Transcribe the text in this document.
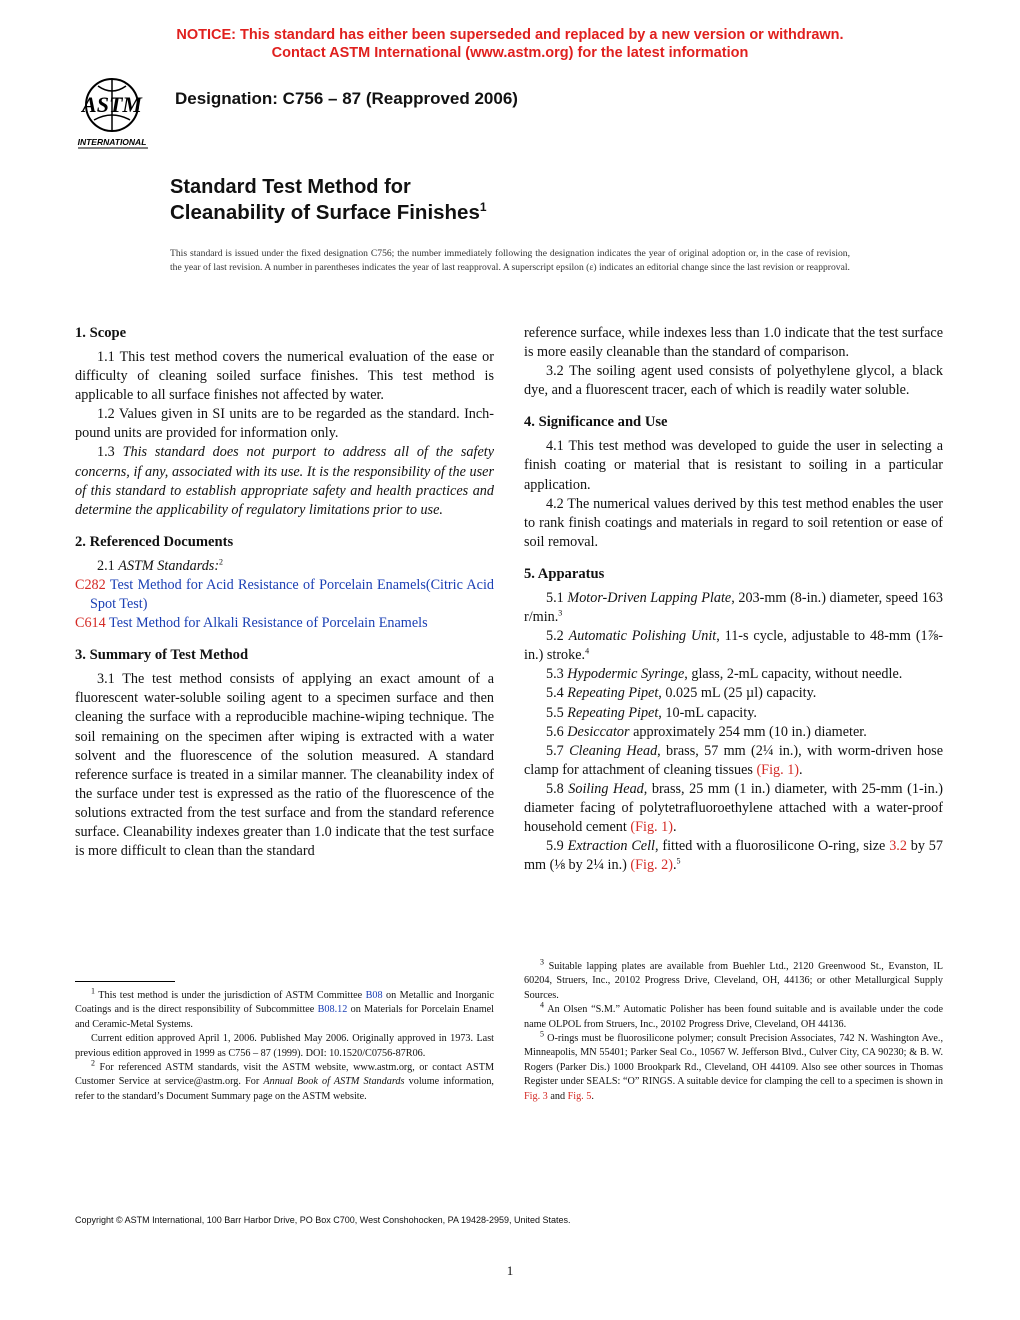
NOTICE: This standard has either been superseded and replaced by a new version or withdrawn.
Contact ASTM International (www.astm.org) for the latest information
ASTM
INTERNATIONAL
Designation: C756 – 87 (Reapproved 2006)
Standard Test Method for
Cleanability of Surface Finishes$^1$
This standard is issued under the fixed designation C756; the number immediately following the designation indicates the year of original adoption or, in the case of revision, the year of last revision. A number in parentheses indicates the year of last reapproval. A superscript epsilon (ε) indicates an editorial change since the last revision or reapproval.
1. Scope

1.1 This test method covers the numerical evaluation of the ease or difficulty of cleaning soiled surface finishes. This test method is applicable to all surface finishes not affected by water.

1.2 Values given in SI units are to be regarded as the standard. Inch-pound units are provided for information only.

1.3 This standard does not purport to address all of the safety concerns, if any, associated with its use. It is the responsibility of the user of this standard to establish appropriate safety and health practices and determine the applicability of regulatory limitations prior to use.

2. Referenced Documents

2.1 ASTM Standards:$^2$

C282 Test Method for Acid Resistance of Porcelain Enamels(Citric Acid Spot Test)
C614 Test Method for Alkali Resistance of Porcelain Enamels
3. Summary of Test Method

3.1 The test method consists of applying an exact amount of a fluorescent water-soluble soiling agent to a specimen surface and then cleaning the surface with a reproducible machine-wiping technique. The soil remaining on the specimen after wiping is extracted with a water solvent and the fluorescence of the solution measured. A standard reference surface is treated in a similar manner. The cleanability index of the surface under test is expressed as the ratio of the fluorescence of the solutions extracted from the test surface and from the standard reference surface. Cleanability indexes greater than 1.0 indicate that the test surface is more difficult to clean than the standard

$^1$ This test method is under the jurisdiction of ASTM Committee B08 on Metallic and Inorganic Coatings and is the direct responsibility of Subcommittee B08.12 on Materials for Porcelain Enamel and Ceramic-Metal Systems.

Current edition approved April 1, 2006. Published May 2006. Originally approved in 1973. Last previous edition approved in 1999 as C756 – 87 (1999). DOI: 10.1520/C0756-87R06.

$^2$ For referenced ASTM standards, visit the ASTM website, www.astm.org, or contact ASTM Customer Service at service@astm.org. For Annual Book of ASTM Standards volume information, refer to the standard’s Document Summary page on the ASTM website.

reference surface, while indexes less than 1.0 indicate that the test surface is more easily cleanable than the standard of comparison.

3.2 The soiling agent used consists of polyethylene glycol, a black dye, and a fluorescent tracer, each of which is readily water soluble.

4. Significance and Use

4.1 This test method was developed to guide the user in selecting a finish coating or material that is resistant to soiling in a particular application.

4.2 The numerical values derived by this test method enables the user to rank finish coatings and materials in regard to soil retention or ease of soil removal.

5. Apparatus

5.1 Motor-Driven Lapping Plate, 203-mm (8-in.) diameter, speed 163 r/min.$^3$

5.2 Automatic Polishing Unit, 11-s cycle, adjustable to 48-mm (1⅞-in.) stroke.$^4$

5.3 Hypodermic Syringe, glass, 2-mL capacity, without needle.

5.4 Repeating Pipet, 0.025 mL (25 µl) capacity.

5.5 Repeating Pipet, 10-mL capacity.

5.6 Desiccator approximately 254 mm (10 in.) diameter.

5.7 Cleaning Head, brass, 57 mm (2¼ in.), with worm-driven hose clamp for attachment of cleaning tissues (Fig. 1).

5.8 Soiling Head, brass, 25 mm (1 in.) diameter, with 25-mm (1-in.) diameter facing of polytetrafluoroethylene attached with a water-proof household cement (Fig. 1).

5.9 Extraction Cell, fitted with a fluorosilicone O-ring, size 3.2 by 57 mm (⅛ by 2¼ in.) (Fig. 2).$^5$

$^3$ Suitable lapping plates are available from Buehler Ltd., 2120 Greenwood St., Evanston, IL 60204, Struers, Inc., 20102 Progress Drive, Cleveland, OH, 44136; or other Metallurgical Supply Sources.

$^4$ An Olsen “S.M.” Automatic Polisher has been found suitable and is available under the code name OLPOL from Struers, Inc., 20102 Progress Drive, Cleveland, OH 44136.

$^5$ O-rings must be fluorosilicone polymer; consult Precision Associates, 742 N. Washington Ave., Minneapolis, MN 55401; Parker Seal Co., 10567 W. Jefferson Blvd., Culver City, CA 90230; & B. W. Rogers (Parker Dis.) 1000 Brookpark Rd., Cleveland, OH 44109. Also see other sources in Thomas Register under SEALS: “O” RINGS. A suitable device for clamping the cell to a specimen is shown in Fig. 3 and Fig. 5.

Copyright © ASTM International, 100 Barr Harbor Drive, PO Box C700, West Conshohocken, PA 19428-2959, United States.
1
